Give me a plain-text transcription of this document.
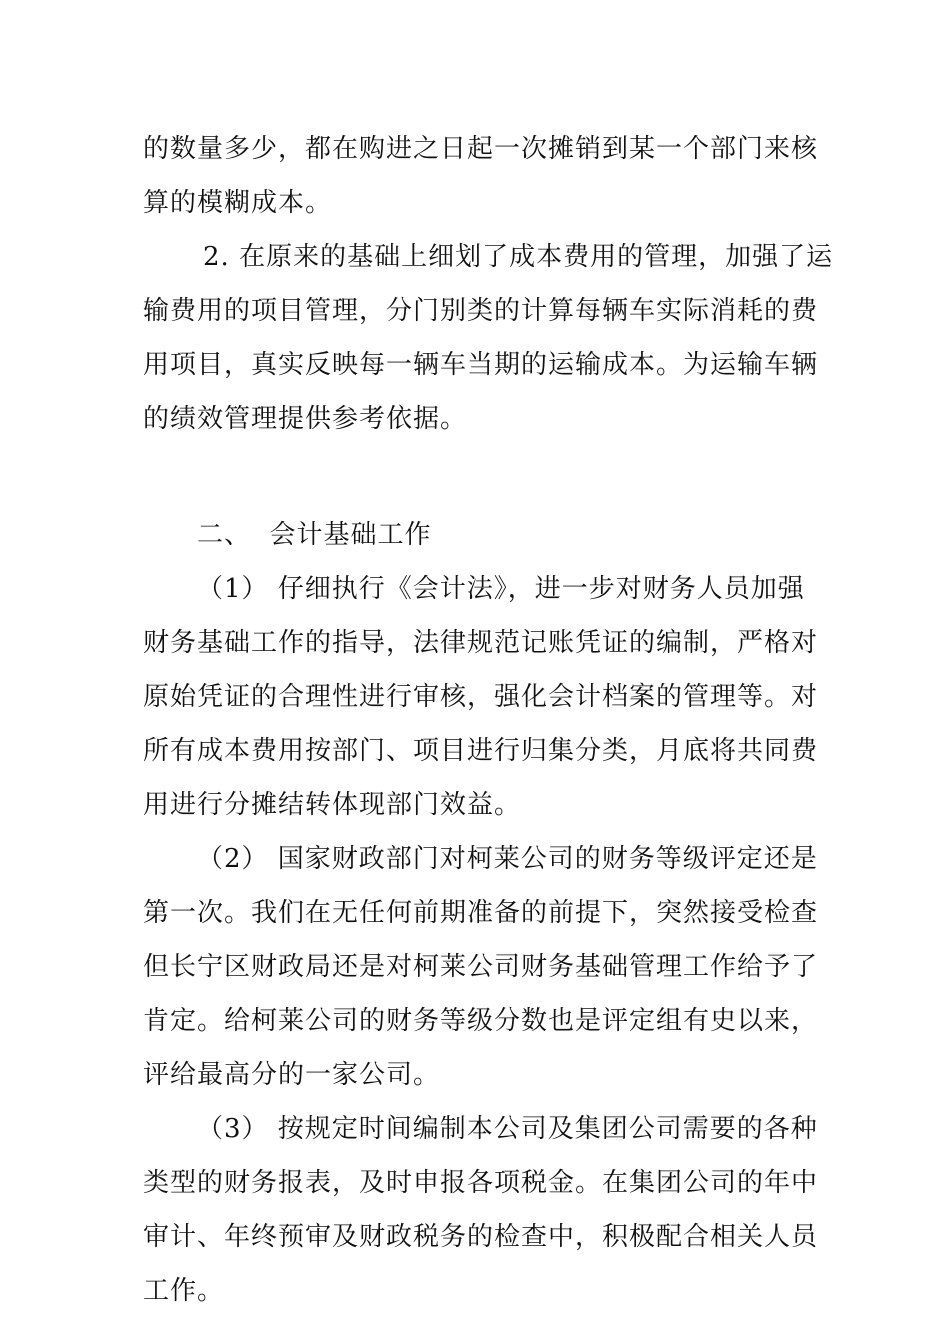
的数量多少，都在购进之日起一次摊销到某一个部门来核
算的模糊成本。

2. 在原来的基础上细划了成本费用的管理，加强了运
输费用的项目管理，分门别类的计算每辆车实际消耗的费
用项目，真实反映每一辆车当期的运输成本。为运输车辆
的绩效管理提供参考依据。

二、  会计基础工作

（1） 仔细执行《会计法》，进一步对财务人员加强
财务基础工作的指导，法律规范记账凭证的编制，严格对
原始凭证的合理性进行审核，强化会计档案的管理等。对
所有成本费用按部门、项目进行归集分类，月底将共同费
用进行分摊结转体现部门效益。

（2） 国家财政部门对柯莱公司的财务等级评定还是
第一次。我们在无任何前期准备的前提下，突然接受检查
但长宁区财政局还是对柯莱公司财务基础管理工作给予了
肯定。给柯莱公司的财务等级分数也是评定组有史以来，
评给最高分的一家公司。

（3） 按规定时间编制本公司及集团公司需要的各种
类型的财务报表，及时申报各项税金。在集团公司的年中
审计、年终预审及财政税务的检查中，积极配合相关人员
工作。
